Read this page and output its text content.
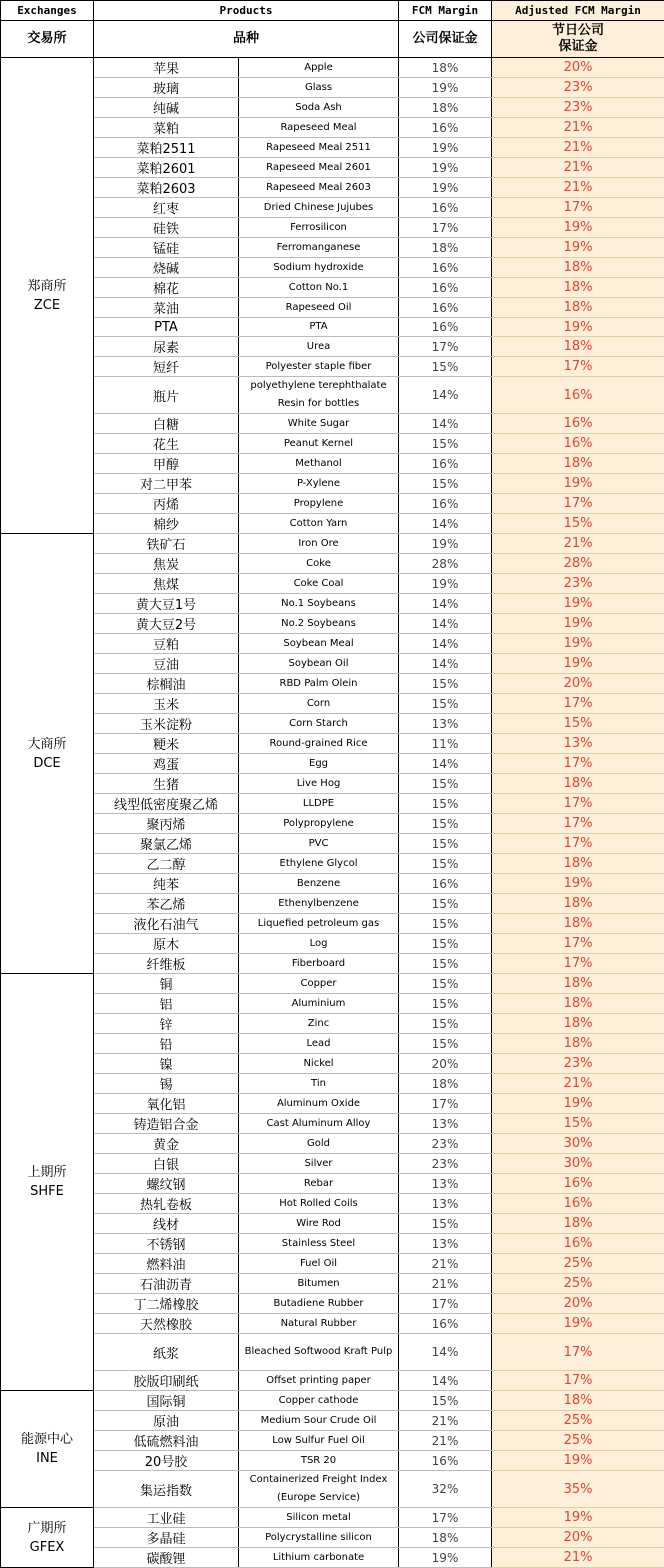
Exchanges	Products		FCM Margin	Adjusted FCM Margin
交易所	品种		公司保证金	节日公司
保证金

郑商所
ZCE	苹果	Apple	18%	20%
	玻璃	Glass	19%	23%
	纯碱	Soda Ash	18%	23%
	菜粕	Rapeseed Meal	16%	21%
	菜粕2511	Rapeseed Meal 2511	19%	21%
	菜粕2601	Rapeseed Meal 2601	19%	21%
	菜粕2603	Rapeseed Meal 2603	19%	21%
	红枣	Dried Chinese Jujubes	16%	17%
	硅铁	Ferrosilicon	17%	19%
	锰硅	Ferromanganese	18%	19%
	烧碱	Sodium hydroxide	16%	18%
	棉花	Cotton No.1	16%	18%
	菜油	Rapeseed Oil	16%	18%
	PTA	PTA	16%	19%
	尿素	Urea	17%	18%
	短纤	Polyester staple fiber	15%	17%
	瓶片	polyethylene terephthalate Resin for bottles	14%	16%
	白糖	White Sugar	14%	16%
	花生	Peanut Kernel	15%	16%
	甲醇	Methanol	16%	18%
	对二甲苯	P-Xylene	15%	19%
	丙烯	Propylene	16%	17%
	棉纱	Cotton Yarn	14%	15%

大商所
DCE	铁矿石	Iron Ore	19%	21%
	焦炭	Coke	28%	28%
	焦煤	Coke Coal	19%	23%
	黄大豆1号	No.1 Soybeans	14%	19%
	黄大豆2号	No.2 Soybeans	14%	19%
	豆粕	Soybean Meal	14%	19%
	豆油	Soybean Oil	14%	19%
	棕榈油	RBD Palm Olein	15%	20%
	玉米	Corn	15%	17%
	玉米淀粉	Corn Starch	13%	15%
	粳米	Round-grained Rice	11%	13%
	鸡蛋	Egg	14%	17%
	生猪	Live Hog	15%	18%
	线型低密度聚乙烯	LLDPE	15%	17%
	聚丙烯	Polypropylene	15%	17%
	聚氯乙烯	PVC	15%	17%
	乙二醇	Ethylene Glycol	15%	18%
	纯苯	Benzene	16%	19%
	苯乙烯	Ethenylbenzene	15%	18%
	液化石油气	Liquefied petroleum gas	15%	18%
	原木	Log	15%	17%
	纤维板	Fiberboard	15%	17%

上期所
SHFE	铜	Copper	15%	18%
	铝	Aluminium	15%	18%
	锌	Zinc	15%	18%
	铅	Lead	15%	18%
	镍	Nickel	20%	23%
	锡	Tin	18%	21%
	氧化铝	Aluminum Oxide	17%	19%
	铸造铝合金	Cast Aluminum Alloy	13%	15%
	黄金	Gold	23%	30%
	白银	Silver	23%	30%
	螺纹钢	Rebar	13%	16%
	热轧卷板	Hot Rolled Coils	13%	16%
	线材	Wire Rod	15%	18%
	不锈钢	Stainless Steel	13%	16%
	燃料油	Fuel Oil	21%	25%
	石油沥青	Bitumen	21%	25%
	丁二烯橡胶	Butadiene Rubber	17%	20%
	天然橡胶	Natural Rubber	16%	19%
	纸浆	Bleached Softwood Kraft Pulp	14%	17%
	胶版印刷纸	Offset printing paper	14%	17%

能源中心
INE	国际铜	Copper cathode	15%	18%
	原油	Medium Sour Crude Oil	21%	25%
	低硫燃料油	Low Sulfur Fuel Oil	21%	25%
	20号胶	TSR 20	16%	19%
	集运指数	Containerized Freight Index (Europe Service)	32%	35%

广期所
GFEX	工业硅	Silicon metal	17%	19%
	多晶硅	Polycrystalline silicon	18%	20%
	碳酸锂	Lithium carbonate	19%	21%
